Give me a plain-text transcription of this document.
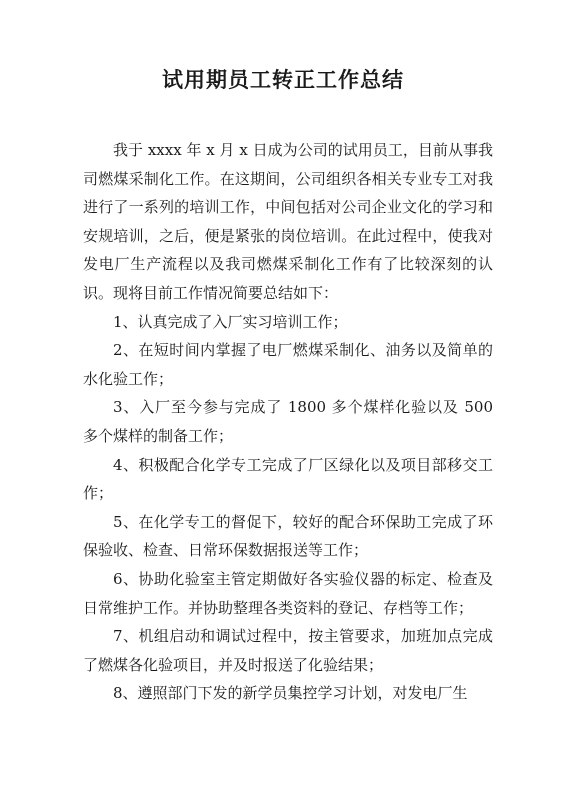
试用期员工转正工作总结

我于 xxxx 年 x 月 x 日成为公司的试用员工，目前从事我司燃煤采制化工作。在这期间，公司组织各相关专业专工对我进行了一系列的培训工作，中间包括对公司企业文化的学习和安规培训，之后，便是紧张的岗位培训。在此过程中，使我对发电厂生产流程以及我司燃煤采制化工作有了比较深刻的认识。现将目前工作情况简要总结如下：

1、认真完成了入厂实习培训工作；

2、在短时间内掌握了电厂燃煤采制化、油务以及简单的水化验工作；

3、入厂至今参与完成了 1800 多个煤样化验以及 500 多个煤样的制备工作；

4、积极配合化学专工完成了厂区绿化以及项目部移交工作；

5、在化学专工的督促下，较好的配合环保助工完成了环保验收、检查、日常环保数据报送等工作；

6、协助化验室主管定期做好各实验仪器的标定、检查及日常维护工作。并协助整理各类资料的登记、存档等工作；

7、机组启动和调试过程中，按主管要求，加班加点完成了燃煤各化验项目，并及时报送了化验结果；

8、遵照部门下发的新学员集控学习计划，对发电厂生
